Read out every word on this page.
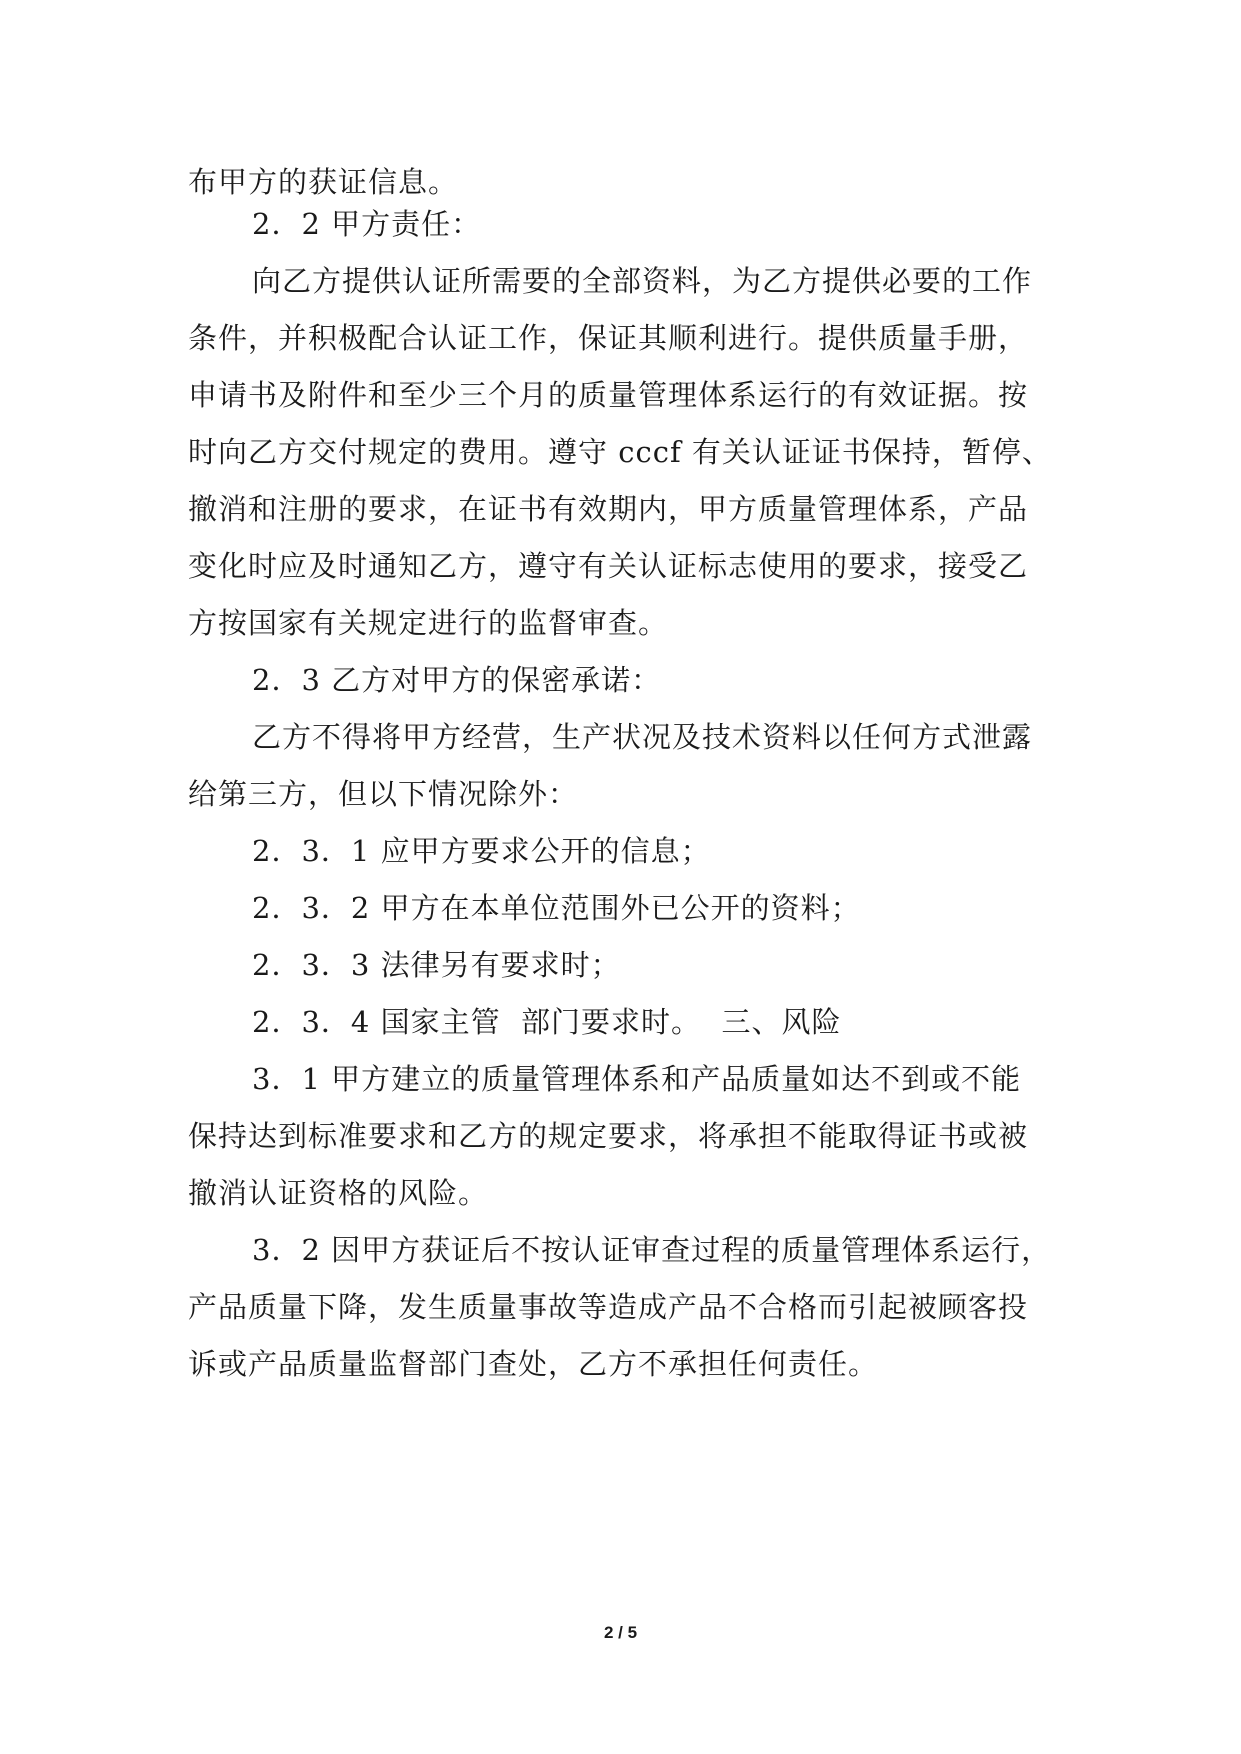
布甲方的获证信息。
2．2 甲方责任：
向乙方提供认证所需要的全部资料，为乙方提供必要的工作
条件，并积极配合认证工作，保证其顺利进行。提供质量手册，
申请书及附件和至少三个月的质量管理体系运行的有效证据。按
时向乙方交付规定的费用。遵守 cccf 有关认证证书保持，暂停、
撤消和注册的要求，在证书有效期内，甲方质量管理体系，产品
变化时应及时通知乙方，遵守有关认证标志使用的要求，接受乙
方按国家有关规定进行的监督审查。
2．3 乙方对甲方的保密承诺：
乙方不得将甲方经营，生产状况及技术资料以任何方式泄露
给第三方，但以下情况除外：
2．3．1 应甲方要求公开的信息；
2．3．2 甲方在本单位范围外已公开的资料；
2．3．3 法律另有要求时；
2．3．4 国家主管  部门要求时。  三、风险
3．1 甲方建立的质量管理体系和产品质量如达不到或不能
保持达到标准要求和乙方的规定要求，将承担不能取得证书或被
撤消认证资格的风险。
3．2 因甲方获证后不按认证审查过程的质量管理体系运行，
产品质量下降，发生质量事故等造成产品不合格而引起被顾客投
诉或产品质量监督部门查处，乙方不承担任何责任。
2 / 5
